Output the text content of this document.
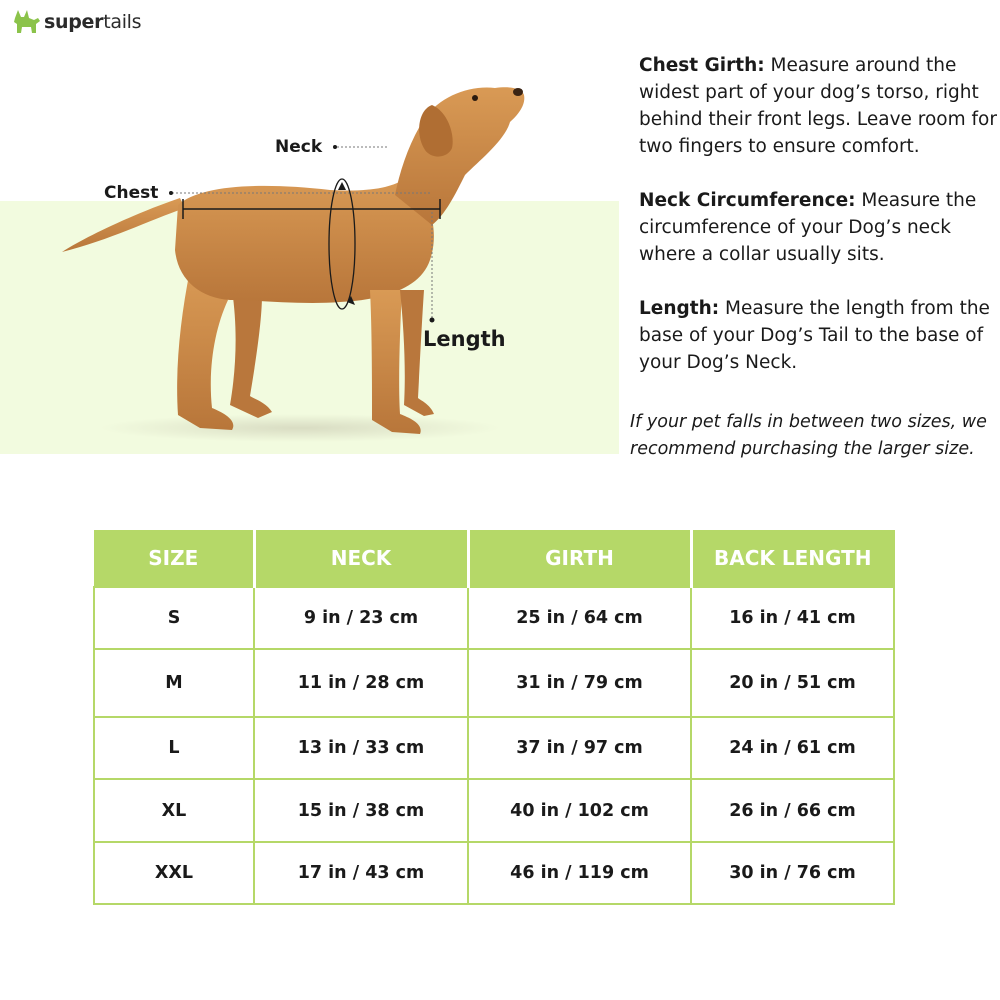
supertails
Neck
Chest
Length

Chest Girth: Measure around the widest part of your dog’s torso, right behind their front legs. Leave room for two fingers to ensure comfort.

Neck Circumference: Measure the circumference of your Dog’s neck where a collar usually sits.

Length: Measure the length from the base of your Dog’s Tail to the base of your Dog’s Neck.

If your pet falls in between two sizes, we recommend purchasing the larger size.
SIZE	NECK	GIRTH	BACK LENGTH
S	9 in / 23 cm	25 in / 64 cm	16 in / 41 cm
M	11 in / 28 cm	31 in / 79 cm	20 in / 51 cm
L	13 in / 33 cm	37 in / 97 cm	24 in / 61 cm
XL	15 in / 38 cm	40 in / 102 cm	26 in / 66 cm
XXL	17 in / 43 cm	46 in / 119 cm	30 in / 76 cm
